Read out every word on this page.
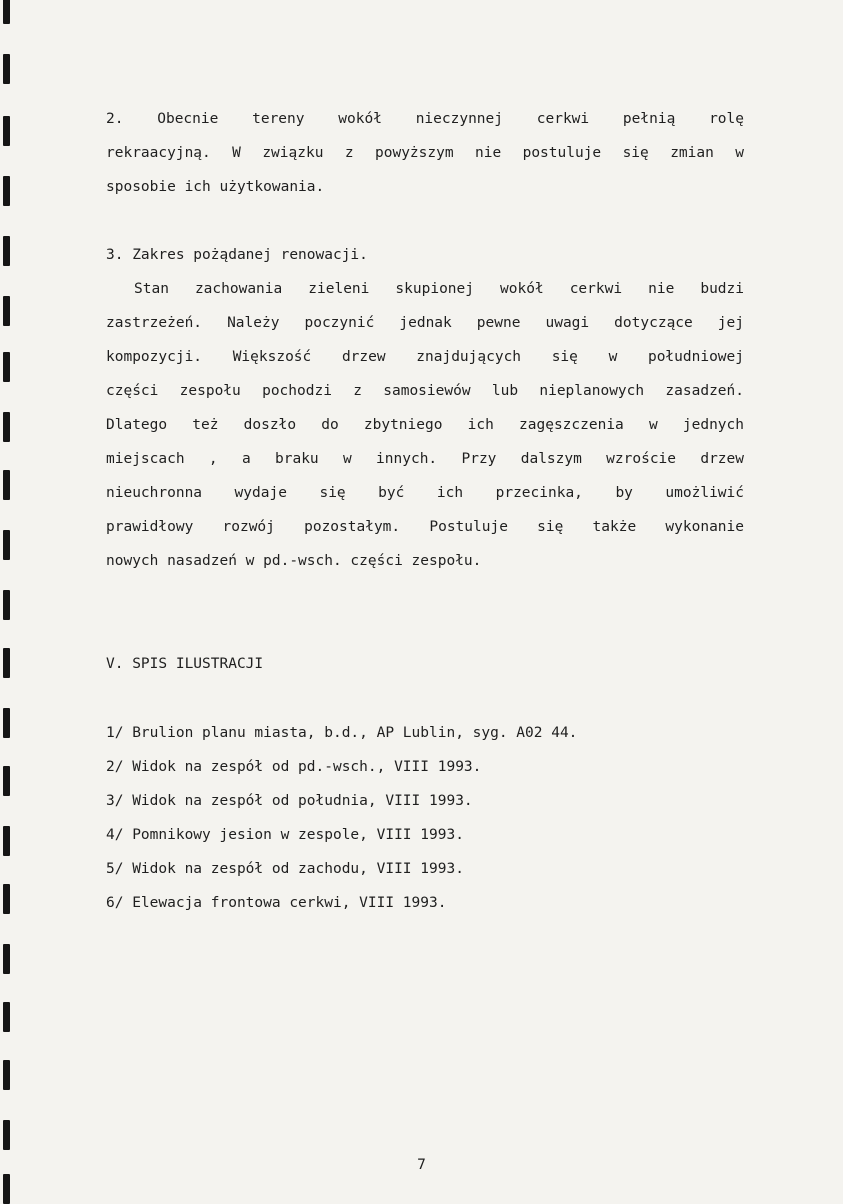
2. Obecnie tereny wokół nieczynnej cerkwi pełnią rolę
rekraacyjną. W związku z powyższym nie postuluje się zmian w
sposobie ich użytkowania.
3. Zakres pożądanej renowacji.
Stan zachowania zieleni skupionej wokół cerkwi nie budzi
zastrzeżeń. Należy poczynić jednak pewne uwagi dotyczące jej
kompozycji. Większość drzew znajdujących się w południowej
części zespołu pochodzi z samosiewów lub nieplanowych zasadzeń.
Dlatego też doszło do zbytniego ich zagęszczenia w jednych
miejscach , a braku w innych. Przy dalszym wzroście drzew
nieuchronna wydaje się być ich przecinka, by umożliwić
prawidłowy rozwój pozostałym. Postuluje się także wykonanie
nowych nasadzeń w pd.-wsch. części zespołu.
V. SPIS ILUSTRACJI
1/ Brulion planu miasta, b.d., AP Lublin, syg. A02 44.
2/ Widok na zespół od pd.-wsch., VIII 1993.
3/ Widok na zespół od południa, VIII 1993.
4/ Pomnikowy jesion w zespole, VIII 1993.
5/ Widok na zespół od zachodu, VIII 1993.
6/ Elewacja frontowa cerkwi, VIII 1993.
7
